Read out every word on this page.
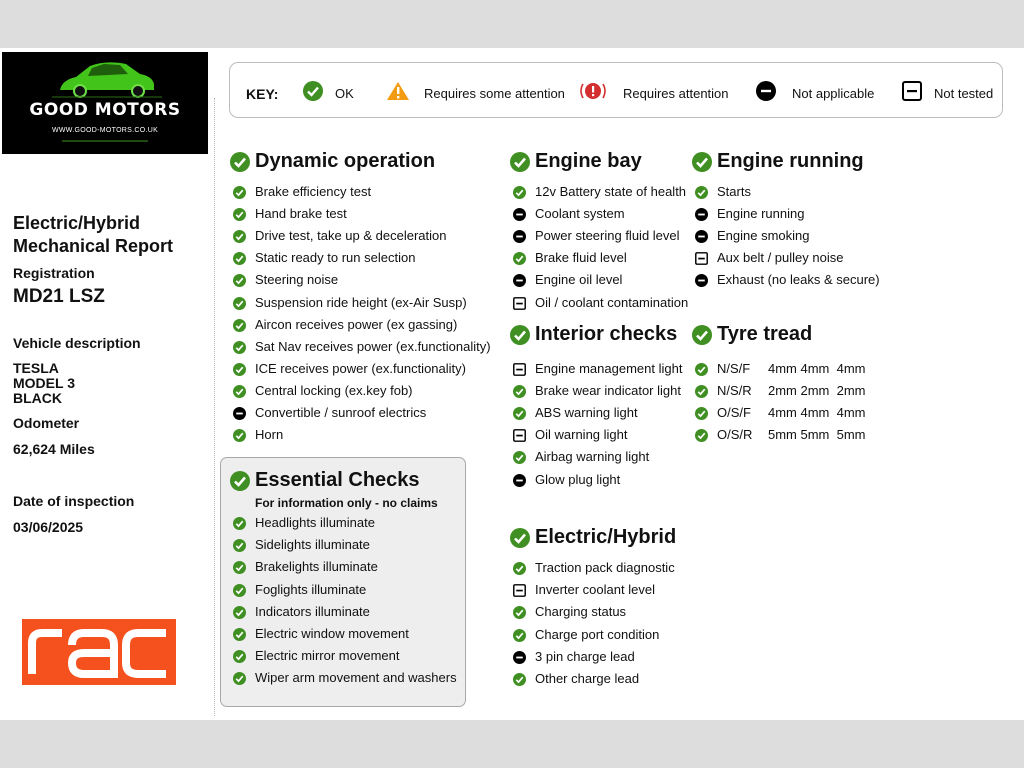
GOOD MOTORS
WWW.GOOD-MOTORS.CO.UK
Electric/Hybrid
Mechanical Report
Registration
MD21 LSZ
Vehicle description
TESLA
MODEL 3
BLACK
Odometer
62,624 Miles
Date of inspection
03/06/2025
KEY:	OK	Requires some attention	Requires attention	Not applicable	Not tested
Dynamic operation
Brake efficiency test
Hand brake test
Drive test, take up & deceleration
Static ready to run selection
Steering noise
Suspension ride height (ex-Air Susp)
Aircon receives power (ex gassing)
Sat Nav receives power (ex.functionality)
ICE receives power (ex.functionality)
Central locking (ex.key fob)
Convertible / sunroof electrics
Horn
Essential Checks
For information only - no claims
Headlights illuminate
Sidelights illuminate
Brakelights illuminate
Foglights illuminate
Indicators illuminate
Electric window movement
Electric mirror movement
Wiper arm movement and washers
Engine bay
12v Battery state of health
Coolant system
Power steering fluid level
Brake fluid level
Engine oil level
Oil / coolant contamination
Interior checks
Engine management light
Brake wear indicator light
ABS warning light
Oil warning light
Airbag warning light
Glow plug light
Electric/Hybrid
Traction pack diagnostic
Inverter coolant level
Charging status
Charge port condition
3 pin charge lead
Other charge lead
Engine running
Starts
Engine running
Engine smoking
Aux belt / pulley noise
Exhaust (no leaks & secure)
Tyre tread
N/S/F 4mm 4mm  4mm
N/S/R 2mm 2mm  2mm
O/S/F 4mm 4mm  4mm
O/S/R 5mm 5mm  5mm
